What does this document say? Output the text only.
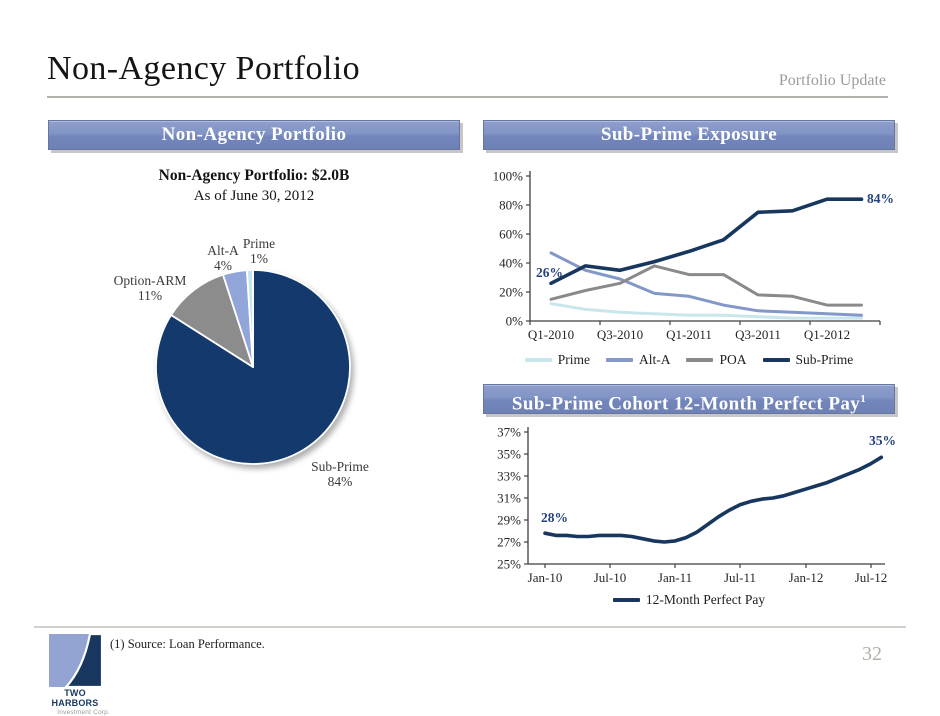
Non-Agency Portfolio	Portfolio Update
Non-Agency Portfolio
Non-Agency Portfolio: $2.0B
As of June 30, 2012
Sub-Prime
84%
Option-ARM
11%
Alt-A
4%
Prime
1%
Sub-Prime Exposure
0%
20%
40%
60%
80%
100%
Q1-2010 Q3-2010 Q1-2011 Q3-2011 Q1-2012
26%
84%
Prime	Alt-A	POA	Sub-Prime
Sub-Prime Cohort 12-Month Perfect Pay$^1$
25%
27%
29%
31%
33%
35%
37%
Jan-10 Jul-10 Jan-11 Jul-11	Jan-12 Jul-12
28%
35%
12-Month Perfect Pay
TWO HARBORS
Investment Corp.
(1) Source: Loan Performance.	32
